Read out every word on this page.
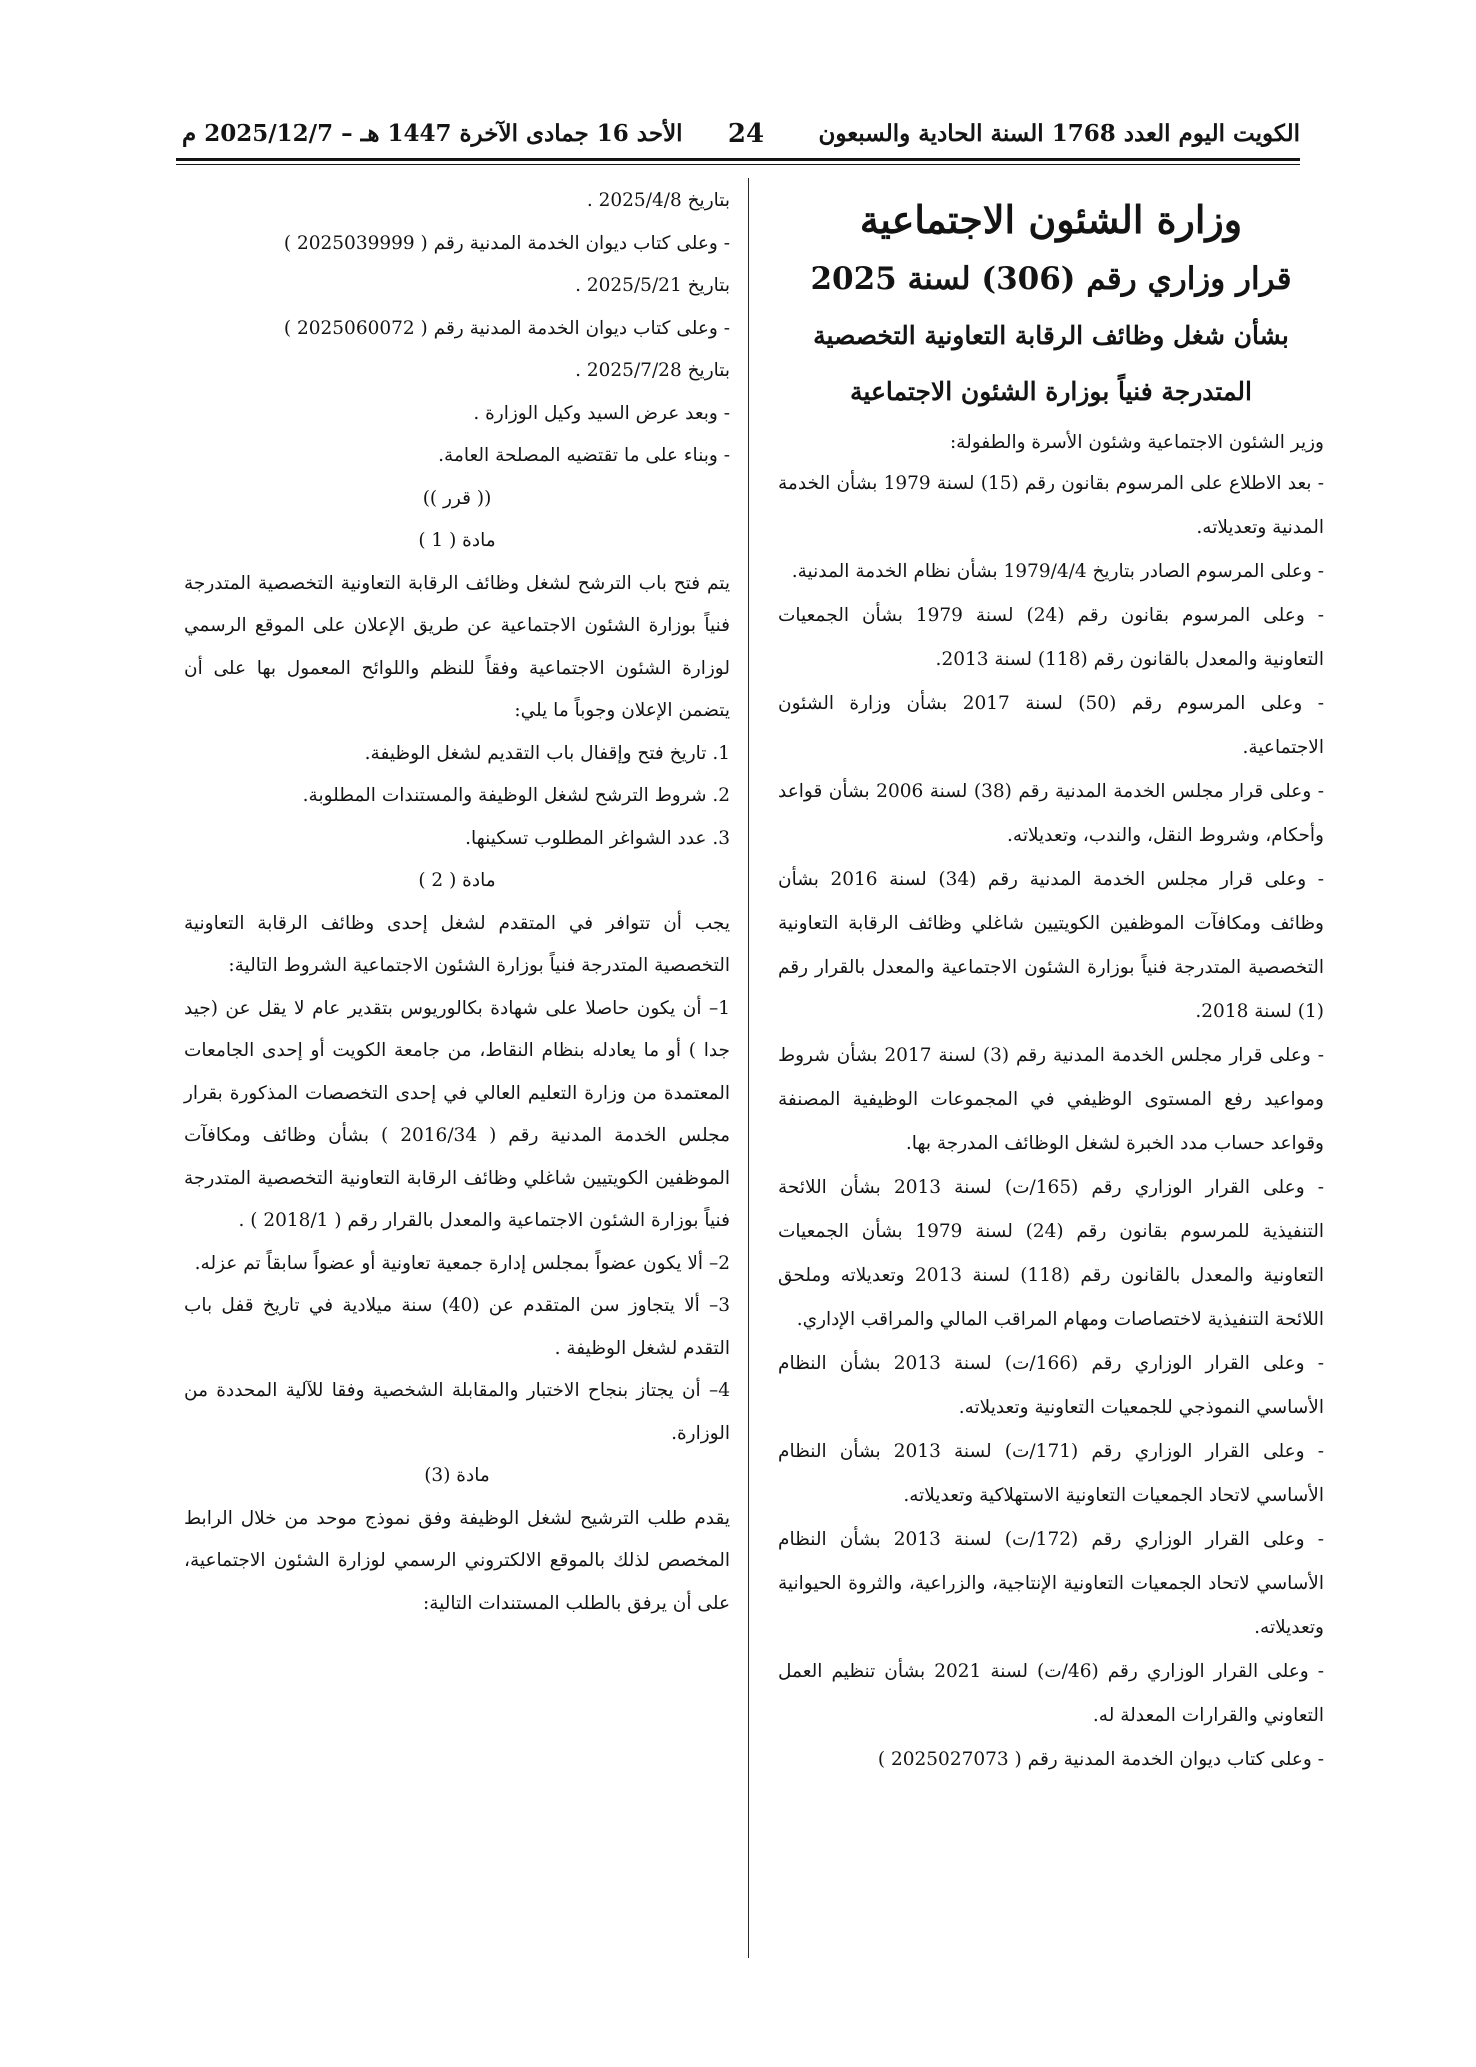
الكويت اليوم العدد 1768 السنة الحادية والسبعون
24
الأحد 16 جمادى الآخرة 1447 هـ – 2025/12/7 م

وزارة الشئون الاجتماعية

قرار وزاري رقم (306) لسنة 2025

بشأن شغل وظائف الرقابة التعاونية التخصصية

المتدرجة فنياً بوزارة الشئون الاجتماعية

وزير الشئون الاجتماعية وشئون الأسرة والطفولة:

- بعد الاطلاع على المرسوم بقانون رقم (15) لسنة 1979 بشأن الخدمة المدنية وتعديلاته.

- وعلى المرسوم الصادر بتاريخ 1979/4/4 بشأن نظام الخدمة المدنية.

- وعلى المرسوم بقانون رقم (24) لسنة 1979 بشأن الجمعيات التعاونية والمعدل بالقانون رقم (118) لسنة 2013.

- وعلى المرسوم رقم (50) لسنة 2017 بشأن وزارة الشئون الاجتماعية.

- وعلى قرار مجلس الخدمة المدنية رقم (38) لسنة 2006 بشأن قواعد وأحكام، وشروط النقل، والندب، وتعديلاته.

- وعلى قرار مجلس الخدمة المدنية رقم (34) لسنة 2016 بشأن وظائف ومكافآت الموظفين الكويتيين شاغلي وظائف الرقابة التعاونية التخصصية المتدرجة فنياً بوزارة الشئون الاجتماعية والمعدل بالقرار رقم (1) لسنة 2018.

- وعلى قرار مجلس الخدمة المدنية رقم (3) لسنة 2017 بشأن شروط ومواعيد رفع المستوى الوظيفي في المجموعات الوظيفية المصنفة وقواعد حساب مدد الخبرة لشغل الوظائف المدرجة بها.

- وعلى القرار الوزاري رقم (165/ت) لسنة 2013 بشأن اللائحة التنفيذية للمرسوم بقانون رقم (24) لسنة 1979 بشأن الجمعيات التعاونية والمعدل بالقانون رقم (118) لسنة 2013 وتعديلاته وملحق اللائحة التنفيذية لاختصاصات ومهام المراقب المالي والمراقب الإداري.

- وعلى القرار الوزاري رقم (166/ت) لسنة 2013 بشأن النظام الأساسي النموذجي للجمعيات التعاونية وتعديلاته.

- وعلى القرار الوزاري رقم (171/ت) لسنة 2013 بشأن النظام الأساسي لاتحاد الجمعيات التعاونية الاستهلاكية وتعديلاته.

- وعلى القرار الوزاري رقم (172/ت) لسنة 2013 بشأن النظام الأساسي لاتحاد الجمعيات التعاونية الإنتاجية، والزراعية، والثروة الحيوانية وتعديلاته.

- وعلى القرار الوزاري رقم (46/ت) لسنة 2021 بشأن تنظيم العمل التعاوني والقرارات المعدلة له.

- وعلى كتاب ديوان الخدمة المدنية رقم ( 2025027073 )

بتاريخ 2025/4/8 .

- وعلى كتاب ديوان الخدمة المدنية رقم ( 2025039999 )

بتاريخ 2025/5/21 .

- وعلى كتاب ديوان الخدمة المدنية رقم ( 2025060072 )

بتاريخ 2025/7/28 .

- وبعد عرض السيد وكيل الوزارة .

- وبناء على ما تقتضيه المصلحة العامة.

(( قرر ))

مادة ( 1 )

يتم فتح باب الترشح لشغل وظائف الرقابة التعاونية التخصصية المتدرجة فنياً بوزارة الشئون الاجتماعية عن طريق الإعلان على الموقع الرسمي لوزارة الشئون الاجتماعية وفقاً للنظم واللوائح المعمول بها على أن يتضمن الإعلان وجوباً ما يلي:

1. تاريخ فتح وإقفال باب التقديم لشغل الوظيفة.

2. شروط الترشح لشغل الوظيفة والمستندات المطلوبة.

3. عدد الشواغر المطلوب تسكينها.

مادة ( 2 )

يجب أن تتوافر في المتقدم لشغل إحدى وظائف الرقابة التعاونية التخصصية المتدرجة فنياً بوزارة الشئون الاجتماعية الشروط التالية:

1– أن يكون حاصلا على شهادة بكالوريوس بتقدير عام لا يقل عن (جيد جدا ) أو ما يعادله بنظام النقاط، من جامعة الكويت أو إحدى الجامعات المعتمدة من وزارة التعليم العالي في إحدى التخصصات المذكورة بقرار مجلس الخدمة المدنية رقم ( 2016/34 ) بشأن وظائف ومكافآت الموظفين الكويتيين شاغلي وظائف الرقابة التعاونية التخصصية المتدرجة فنياً بوزارة الشئون الاجتماعية والمعدل بالقرار رقم ( 2018/1 ) .

2– ألا يكون عضواً بمجلس إدارة جمعية تعاونية أو عضواً سابقاً تم عزله.

3– ألا يتجاوز سن المتقدم عن (40) سنة ميلادية في تاريخ قفل باب التقدم لشغل الوظيفة .

4– أن يجتاز بنجاح الاختبار والمقابلة الشخصية وفقا للآلية المحددة من الوزارة.

مادة (3)

يقدم طلب الترشيح لشغل الوظيفة وفق نموذج موحد من خلال الرابط المخصص لذلك بالموقع الالكتروني الرسمي لوزارة الشئون الاجتماعية، على أن يرفق بالطلب المستندات التالية:
